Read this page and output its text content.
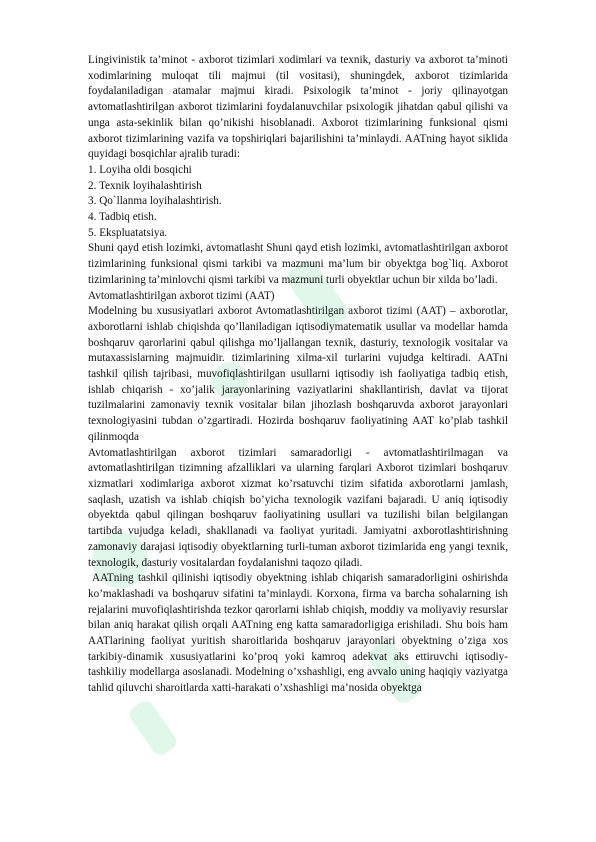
Lingivinistik ta’minot - axborot tizimlari xodimlari va texnik, dasturiy va axborot ta’minoti xodimlarining muloqat tili majmui (til vositasi), shuningdek, axborot tizimlarida foydalaniladigan atamalar majmui kiradi. Psixologik ta’minot - joriy qilinayotgan avtomatlashtirilgan axborot tizimlarini foydalanuvchilar psixologik jihatdan qabul qilishi va unga asta-sekinlik bilan qo’nikishi hisoblanadi. Axborot tizimlarining funksional qismi axborot tizimlarining vazifa va topshiriqlari bajarilishini ta’minlaydi. AATning hayot siklida quyidagi bosqichlar ajralib turadi:

1. Loyiha oldi bosqichi

2. Texnik loyihalashtirish

3. Qo`llanma loyihalashtirish.

4. Tadbiq etish.

5. Ekspluatatsiya.

Shuni qayd etish lozimki, avtomatlasht Shuni qayd etish lozimki, avtomatlashtirilgan axborot tizimlarining funksional qismi tarkibi va mazmuni ma’lum bir obyektga bog`liq. Axborot tizimlarining ta’minlovchi qismi tarkibi va mazmuni turli obyektlar uchun bir xilda bo’ladi.

Avtomatlashtirilgan axborot tizimi (AAT)

Modelning bu xususiyatlari axborot Avtomatlashtirilgan axborot tizimi (AAT) – axborotlar, axborotlarni ishlab chiqishda qo’llaniladigan iqtisodiymatematik usullar va modellar hamda boshqaruv qarorlarini qabul qilishga mo’ljallangan texnik, dasturiy, texnologik vositalar va mutaxassislarning majmuidir. tizimlarining xilma-xil turlarini vujudga keltiradi. AATni tashkil qilish tajribasi, muvofiqlashtirilgan usullarni iqtisodiy ish faoliyatiga tadbiq etish, ishlab chiqarish - xo’jalik jarayonlarining vaziyatlarini shakllantirish, davlat va tijorat tuzilmalarini zamonaviy texnik vositalar bilan jihozlash boshqaruvda axborot jarayonlari texnologiyasini tubdan o’zgartiradi. Hozirda boshqaruv faoliyatining AAT ko’plab tashkil qilinmoqda

Avtomatlashtirilgan axborot tizimlari samaradorligi - avtomatlashtirilmagan va avtomatlashtirilgan tizimning afzalliklari va ularning farqlari Axborot tizimlari boshqaruv xizmatlari xodimlariga axborot xizmat ko’rsatuvchi tizim sifatida axborotlarni jamlash, saqlash, uzatish va ishlab chiqish bo’yicha texnologik vazifani bajaradi. U aniq iqtisodiy obyektda qabul qilingan boshqaruv faoliyatining usullari va tuzilishi bilan belgilangan tartibda vujudga keladi, shakllanadi va faoliyat yuritadi. Jamiyatni axborotlashtirishning zamonaviy darajasi iqtisodiy obyektlarning turli-tuman axborot tizimlarida eng yangi texnik, texnologik, dasturiy vositalardan foydalanishni taqozo qiladi.

AATning tashkil qilinishi iqtisodiy obyektning ishlab chiqarish samaradorligini oshirishda ko’maklashadi va boshqaruv sifatini ta’minlaydi. Korxona, firma va barcha sohalarning ish rejalarini muvofiqlashtirishda tezkor qarorlarni ishlab chiqish, moddiy va moliyaviy resurslar bilan aniq harakat qilish orqali AATning eng katta samaradorligiga erishiladi. Shu bois ham AATlarining faoliyat yuritish sharoitlarida boshqaruv jarayonlari obyektning o’ziga xos tarkibiy-dinamik xususiyatlarini ko’proq yoki kamroq adekvat aks ettiruvchi iqtisodiy-tashkiliy modellarga asoslanadi. Modelning o’xshashligi, eng avvalo uning haqiqiy vaziyatga tahlid qiluvchi sharoitlarda xatti-harakati o’xshashligi ma’nosida obyektga
